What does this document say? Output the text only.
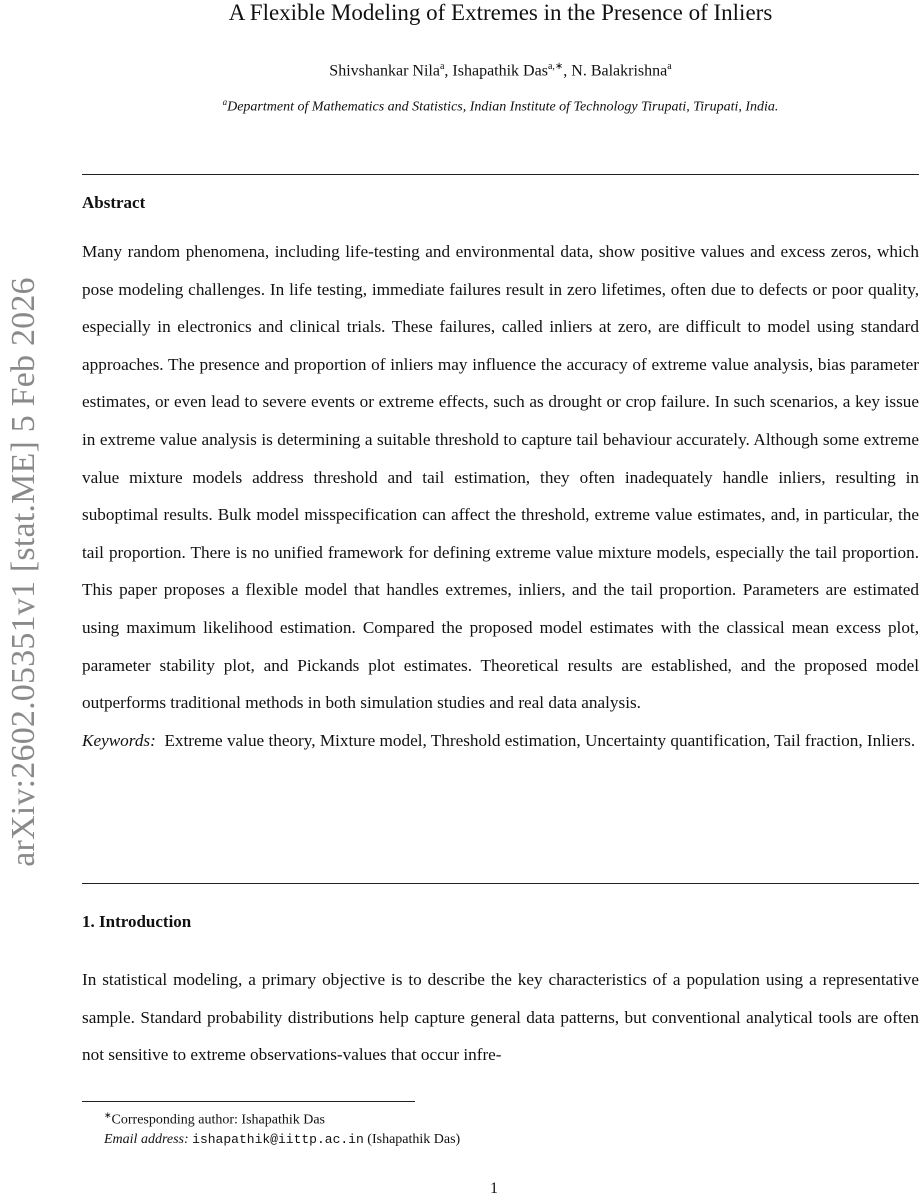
arXiv:2602.05351v1 [stat.ME] 5 Feb 2026
A Flexible Modeling of Extremes in the Presence of Inliers
Shivshankar Nila$^a$, Ishapathik Das$^{a,∗}$, N. Balakrishna$^a$
$^a$Department of Mathematics and Statistics, Indian Institute of Technology Tirupati, Tirupati, India.
Abstract

Many random phenomena, including life-testing and environmental data, show positive values and excess zeros, which pose modeling challenges. In life testing, immediate failures result in zero lifetimes, often due to defects or poor quality, especially in electronics and clinical trials. These failures, called inliers at zero, are difficult to model using standard approaches. The presence and proportion of inliers may influence the accuracy of extreme value analysis, bias parameter estimates, or even lead to severe events or extreme effects, such as drought or crop failure. In such scenarios, a key issue in extreme value analysis is determining a suitable threshold to capture tail behaviour accurately. Although some extreme value mixture models address threshold and tail estimation, they often inadequately handle inliers, resulting in suboptimal results. Bulk model misspecification can affect the threshold, extreme value estimates, and, in particular, the tail proportion. There is no unified framework for defining extreme value mixture models, especially the tail proportion. This paper proposes a flexible model that handles extremes, inliers, and the tail proportion. Parameters are estimated using maximum likelihood estimation. Compared the proposed model estimates with the classical mean excess plot, parameter stability plot, and Pickands plot estimates. Theoretical results are established, and the proposed model outperforms traditional methods in both simulation studies and real data analysis.

Keywords: Extreme value theory, Mixture model, Threshold estimation, Uncertainty quantification, Tail fraction, Inliers.

1. Introduction

In statistical modeling, a primary objective is to describe the key characteristics of a population using a representative sample. Standard probability distributions help capture general data patterns, but conventional analytical tools are often not sensitive to extreme observations-values that occur infre-

∗Corresponding author: Ishapathik Das
Email address: ishapathik@iittp.ac.in (Ishapathik Das)
1
